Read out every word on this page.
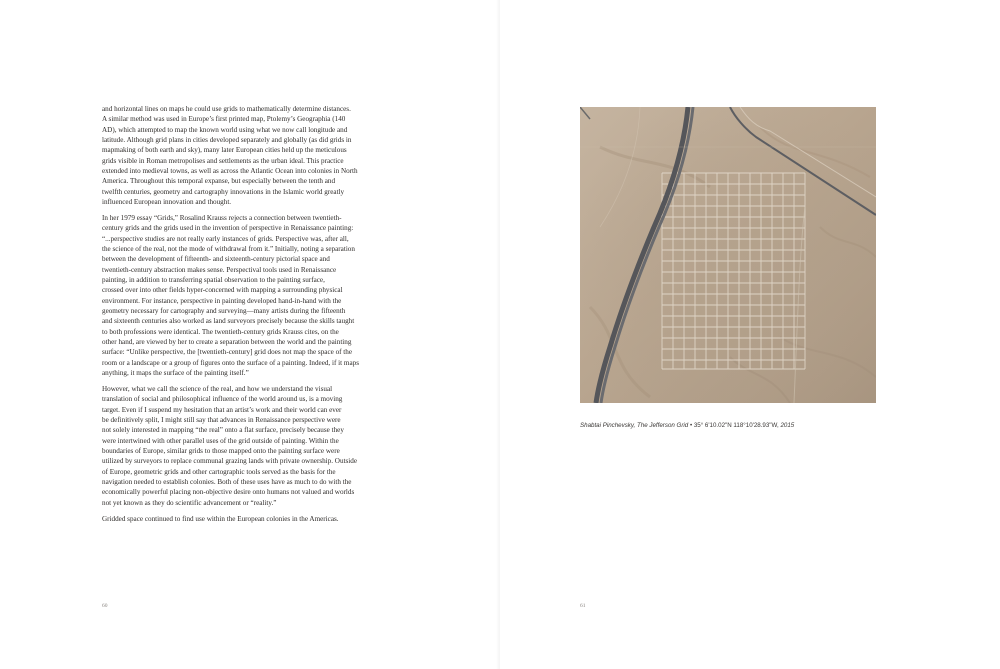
and horizontal lines on maps he could use grids to mathematically determine distances.
A similar method was used in Europe’s first printed map, Ptolemy’s Geographia (140
AD), which attempted to map the known world using what we now call longitude and
latitude. Although grid plans in cities developed separately and globally (as did grids in
mapmaking of both earth and sky), many later European cities held up the meticulous
grids visible in Roman metropolises and settlements as the urban ideal. This practice
extended into medieval towns, as well as across the Atlantic Ocean into colonies in North
America. Throughout this temporal expanse, but especially between the tenth and
twelfth centuries, geometry and cartography innovations in the Islamic world greatly
influenced European innovation and thought.

In her 1979 essay “Grids,” Rosalind Krauss rejects a connection between twentieth-
century grids and the grids used in the invention of perspective in Renaissance painting:
“...perspective studies are not really early instances of grids. Perspective was, after all,
the science of the real, not the mode of withdrawal from it.” Initially, noting a separation
between the development of fifteenth- and sixteenth-century pictorial space and
twentieth-century abstraction makes sense. Perspectival tools used in Renaissance
painting, in addition to transferring spatial observation to the painting surface,
crossed over into other fields hyper-concerned with mapping a surrounding physical
environment. For instance, perspective in painting developed hand-in-hand with the
geometry necessary for cartography and surveying—many artists during the fifteenth
and sixteenth centuries also worked as land surveyors precisely because the skills taught
to both professions were identical. The twentieth-century grids Krauss cites, on the
other hand, are viewed by her to create a separation between the world and the painting
surface: “Unlike perspective, the [twentieth-century] grid does not map the space of the
room or a landscape or a group of figures onto the surface of a painting. Indeed, if it maps
anything, it maps the surface of the painting itself.”

However, what we call the science of the real, and how we understand the visual
translation of social and philosophical influence of the world around us, is a moving
target. Even if I suspend my hesitation that an artist’s work and their world can ever
be definitively split, I might still say that advances in Renaissance perspective were
not solely interested in mapping “the real” onto a flat surface, precisely because they
were intertwined with other parallel uses of the grid outside of painting. Within the
boundaries of Europe, similar grids to those mapped onto the painting surface were
utilized by surveyors to replace communal grazing lands with private ownership. Outside
of Europe, geometric grids and other cartographic tools served as the basis for the
navigation needed to establish colonies. Both of these uses have as much to do with the
economically powerful placing non-objective desire onto humans not valued and worlds
not yet known as they do scientific advancement or “reality.”

Gridded space continued to find use within the European colonies in the Americas.

60
Shabtai Pinchevsky, The Jefferson Grid • 35° 6'10.02"N 118°10'28.93"W, 2015
61
